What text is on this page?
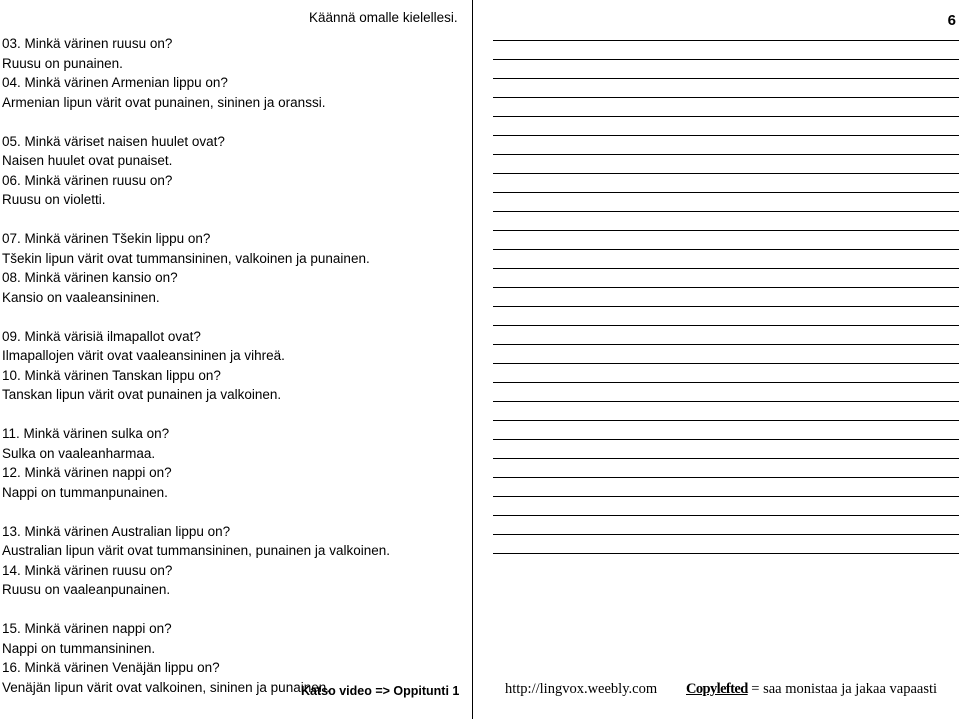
Käännä omalle kielellesi.	6
03. Minkä värinen ruusu on?
Ruusu on punainen.
04. Minkä värinen Armenian lippu on?
Armenian lipun värit ovat punainen, sininen ja oranssi.
05. Minkä väriset naisen huulet ovat?
Naisen huulet ovat punaiset.
06. Minkä värinen ruusu on?
Ruusu on violetti.
07. Minkä värinen Tšekin lippu on?
Tšekin lipun värit ovat tummansininen, valkoinen ja punainen.
08. Minkä värinen kansio on?
Kansio on vaaleansininen.
09. Minkä värisiä ilmapallot ovat?
Ilmapallojen värit ovat vaaleansininen ja vihreä.
10. Minkä värinen Tanskan lippu on?
Tanskan lipun värit ovat punainen ja valkoinen.
11. Minkä värinen sulka on?
Sulka on vaaleanharmaa.
12. Minkä värinen nappi on?
Nappi on tummanpunainen.
13. Minkä värinen Australian lippu on?
Australian lipun värit ovat tummansininen, punainen ja valkoinen.
14. Minkä värinen ruusu on?
Ruusu on vaaleanpunainen.
15. Minkä värinen nappi on?
Nappi on tummansininen.
16. Minkä värinen Venäjän lippu on?
Venäjän lipun värit ovat valkoinen, sininen ja punainen.
Katso video => Oppitunti 1	http://lingvox.weebly.com Copylefted = saa monistaa ja jakaa vapaasti
